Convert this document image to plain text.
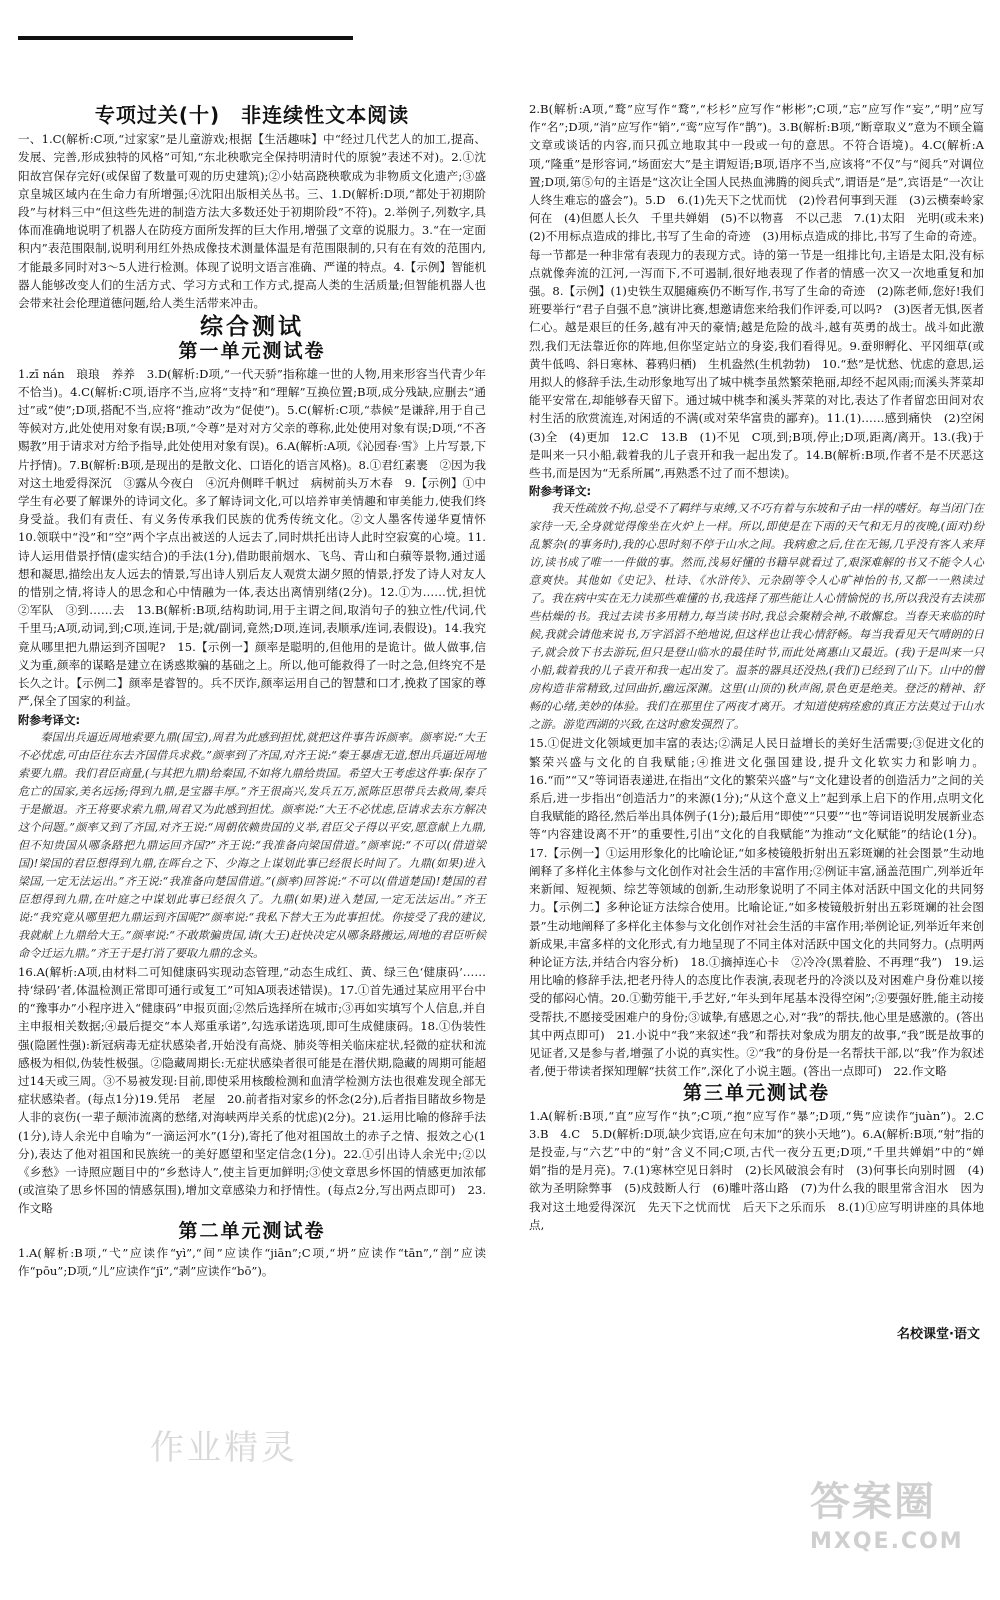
专项过关(十)　非连续性文本阅读

一、1.C(解析:C项,“过家家”是儿童游戏;根据【生活趣味】中“经过几代艺人的加工,提高、发展、完善,形成独特的风格”可知,“东北秧歌完全保持明清时代的原貌”表述不对)。2.①沈阳故宫保存完好(或保留了数量可观的历史建筑);②小姑高跷秧歌成为非物质文化遗产;③盛京皇城区域内在生命力有所增强;④沈阳出版相关丛书。三、1.D(解析:D项,“都处于初期阶段”与材料三中“但这些先进的制造方法大多数还处于初期阶段”不符)。2.举例子,列数字,具体而准确地说明了机器人在防疫方面所发挥的巨大作用,增强了文章的说服力。3.“在一定面积内”表范围限制,说明利用红外热成像技术测量体温是有范围限制的,只有在有效的范围内,才能最多同时对3～5人进行检测。体现了说明文语言准确、严谨的特点。4.【示例】智能机器人能够改变人们的生活方式、学习方式和工作方式,提高人类的生活质量;但智能机器人也会带来社会伦理道德问题,给人类生活带来冲击。

综合测试
第一单元测试卷

1.zī nán　琅琅　养养　3.D(解析:D项,“一代天骄”指称雄一世的人物,用来形容当代青少年不恰当)。4.C(解析:C项,语序不当,应将“支持”和“理解”互换位置;B项,成分残缺,应删去“通过”或“使”;D项,搭配不当,应将“推动”改为“促使”)。5.C(解析:C项,“恭候”是谦辞,用于自己等候对方,此处使用对象有误;B项,“令尊”是对对方父亲的尊称,此处使用对象有误;D项,“不吝赐教”用于请求对方给予指导,此处使用对象有误)。6.A(解析:A项,《沁园春·雪》上片写景,下片抒情)。7.B(解析:B项,是现出的是散文化、口语化的语言风格)。8.①君红素裹　②因为我对这土地爱得深沉　③露从今夜白　④沉舟侧畔千帆过　病树前头万木春　9.【示例】①中学生有必要了解课外的诗词文化。多了解诗词文化,可以培养审美情趣和审美能力,使我们终身受益。我们有责任、有义务传承我们民族的优秀传统文化。②文人墨客传递华夏情怀　10.领联中“没”和“空”两个字点出被送的人远去了,同时烘托出诗人此时空寂寞的心境。11.诗人运用借景抒情(虚实结合)的手法(1分),借助眼前烟水、飞鸟、青山和白蘋等景物,通过遥想和凝思,描绘出友人远去的情景,写出诗人别后友人观赏太湖夕照的情景,抒发了诗人对友人的惜别之情,将诗人的思念和心中情融为一体,表达出离情别绪(2分)。12.①为……忧,担忧　②军队　③到……去　13.B(解析:B项,结构助词,用于主谓之间,取消句子的独立性/代词,代千里马;A项,动词,到;C项,连词,于是;就/副词,竟然;D项,连词,表顺承/连词,表假设)。14.我究竟从哪里把九鼎运到齐国呢?　15.【示例一】颜率是聪明的,但他用的是诡计。做人做事,信义为重,颜率的谋略是建立在诱惑欺骗的基础之上。所以,他可能救得了一时之急,但终究不是长久之计。【示例二】颜率是睿智的。兵不厌诈,颜率运用自己的智慧和口才,挽救了国家的尊严,保全了国家的利益。

附参考译文:

秦国出兵逼近周地索要九鼎(国宝),周君为此感到担忧,就把这件事告诉颜率。颜率说:“大王不必忧虑,可由臣往东去齐国借兵求救。”颜率到了齐国,对齐王说:“秦王暴虐无道,想出兵逼近周地索要九鼎。我们君臣商量,(与其把九鼎)给秦国,不如将九鼎给贵国。希望大王考虑这件事:保存了危亡的国家,美名远扬;得到九鼎,是宝器丰厚。”齐王很高兴,发兵五万,派陈臣思带兵去救周,秦兵于是撤退。齐王将要求索九鼎,周君又为此感到担忧。颜率说:“大王不必忧虑,臣请求去东方解决这个问题。”颜率又到了齐国,对齐王说:“周朝依赖贵国的义举,君臣父子得以平安,愿意献上九鼎,但不知贵国从哪条路把九鼎运回齐国?”齐王说:“我准备向梁国借道。”颜率说:“不可以(借道梁国)!梁国的君臣想得到九鼎,在晖台之下、少海之上谋划此事已经很长时间了。九鼎(如果)进入梁国,一定无法运出。”齐王说:“我准备向楚国借道。”(颜率)回答说:“不可以(借道楚国)!楚国的君臣想得到九鼎,在叶庭之中谋划此事已经很久了。九鼎(如果)进入楚国,一定无法运出。”齐王说:“我究竟从哪里把九鼎运到齐国呢?”颜率说:“我私下替大王为此事担忧。你接受了我的建议,我就献上九鼎给大王。”颜率说:“不敢欺骗贵国,请(大王)赶快决定从哪条路搬运,周地的君臣听候命令迁运九鼎。”齐王于是打消了要取九鼎的念头。

16.A(解析:A项,由材料二可知健康码实现动态管理,“动态生成红、黄、绿三色‘健康码’……持‘绿码’者,体温检测正常即可通行或复工”可知A项表述错误)。17.①首先通过某应用平台中的“豫事办”小程序进入“健康码”申报页面;②然后选择所在城市;③再如实填写个人信息,并自主申报相关数据;④最后提交“本人郑重承诺”,勾选承诺选项,即可生成健康码。18.①伪装性强(隐匿性强):新冠病毒无症状感染者,开始没有高烧、肺炎等相关临床症状,轻微的症状和流感极为相似,伪装性极强。②隐藏周期长:无症状感染者很可能是在潜伏期,隐藏的周期可能超过14天或三周。③不易被发现:目前,即使采用核酸检测和血清学检测方法也很难发现全部无症状感染者。(每点1分)19.凭吊　老屋　20.前者指对家乡的怀念(2分),后者指目睹故乡物是人非的哀伤(一辈子颠沛流离的愁绪,对海峡两岸关系的忧虑)(2分)。21.运用比喻的修辞手法(1分),诗人余光中自喻为“一滴运河水”(1分),寄托了他对祖国故土的赤子之情、报效之心(1分),表达了他对祖国和民族统一的美好愿望和坚定信念(1分)。22.①引出诗人余光中;②以《乡愁》一诗照应题目中的“乡愁诗人”,使主旨更加鲜明;③使文章思乡怀国的情感更加浓郁(或渲染了思乡怀国的情感氛围),增加文章感染力和抒情性。(每点2分,写出两点即可)　23.作文略

第二单元测试卷

1.A(解析:B项,“弋”应读作“yì”,“间”应读作“jiān”;C项,“坍”应读作“tān”,“剖”应读作“pōu”;D项,“儿”应读作“jī”,“剥”应读作“bō”)。

2.B(解析:A项,“鹜”应写作“鹜”,“杉杉”应写作“彬彬”;C项,“忘”应写作“妄”,“明”应写作“名”;D项,“消”应写作“销”,“鸾”应写作“鹊”)。3.B(解析:B项,“断章取义”意为不顾全篇文章或谈话的内容,而只孤立地取其中一段或一句的意思。不符合语境)。4.C(解析:A项,“隆重”是形容词,“场面宏大”是主谓短语;B项,语序不当,应该将“不仅”与“阅兵”对调位置;D项,第⑤句的主语是“这次让全国人民热血沸腾的阅兵式”,谓语是“是”,宾语是“一次让人终生难忘的盛会”)。5.D　6.(1)先天下之忧而忧　(2)怜君何事到天涯　(3)云横秦岭家何在　(4)但愿人长久　千里共婵娟　(5)不以物喜　不以己悲　7.(1)太阳　光明(或未来)　(2)不用标点造成的排比,书写了生命的奇迹　(3)用标点造成的排比,书写了生命的奇迹。每一节都是一种非常有表现力的表现方式。诗的第一节是一组排比句,主语是太阳,没有标点就像奔流的江河,一泻而下,不可遏制,很好地表现了作者的情感一次又一次地重复和加强。8.【示例】(1)史铁生双腿瘫痪仍不断写作,书写了生命的奇迹　(2)陈老师,您好!我们班要举行“君子自强不息”演讲比赛,想邀请您来给我们作评委,可以吗?　(3)医者无惧,医者仁心。越是艰巨的任务,越有冲天的豪情;越是危险的战斗,越有英勇的战士。战斗如此激烈,我们无法靠近你的阵地,但你坚定站立的身姿,我们看得见。9.蚕卵孵化、平冈细草(或黄牛低鸣、斜日寒林、暮鸦归栖)　生机盎然(生机勃勃)　10.“愁”是忧愁、忧虑的意思,运用拟人的修辞手法,生动形象地写出了城中桃李虽然繁荣艳丽,却经不起风雨;而溪头荠菜却能平安常在,却能够春天留下。通过城中桃李和溪头荠菜的对比,表达了作者留恋田间对农村生活的欣赏流连,对闲适的不满(或对荣华富贵的鄙弃)。11.(1)……感到痛快　(2)空闲　(3)全　(4)更加　12.C　13.B　(1)不见　C项,到;B项,停止;D项,距离/离开。13.(我)于是叫来一只小船,载着我的儿子袁开和我一起出发了。14.B(解析:B项,作者不是不厌恶这些书,而是因为“无系所属”,再熟悉不过了而不想读)。

附参考译文:

我天性疏放不拘,总受不了羁绊与束缚,又不巧有着与东坡和子由一样的嗜好。每当闭门在家待一天,全身就觉得像坐在火炉上一样。所以,即使是在下雨的天气和无月的夜晚,(面对)纷乱繁杂(的事务时),我的心思时刻不停于山水之间。我病愈之后,住在无锡,几乎没有客人来拜访,读书成了唯一一件做的事。然而,浅易好懂的书籍早就看过了,艰深难解的书又不能令人心意爽快。其他如《史记》、杜诗、《水浒传》、元杂剧等令人心旷神怡的书,又都一一熟读过了。我在病中实在无力读那些难懂的书,我选择了那些能让人心情愉悦的书,所以我没有去读那些枯燥的书。我过去读书多用精力,每当读书时,我总会聚精会神,不敢懈怠。当春天来临的时候,我就会请他来说书,万字滔滔不绝地说,但这样也让我心情舒畅。每当我看见天气晴朗的日子,就会放下书去游玩,但只是登山临水的最佳时节,而此处离惠山又最近。(我)于是叫来一只小船,载着我的儿子袁开和我一起出发了。温茶的器具还没热,(我们)已经到了山下。山中的僧房构造非常精致,过回曲折,幽远深渊。这里(山顶的)秋声阁,景色更是绝美。登泛的精神、舒畅的心绪,美妙的体验。我们在那里住了两夜才离开。才知道使病痊愈的真正方法莫过于山水之游。游览西湖的兴致,在这时愈发强烈了。

15.①促进文化领域更加丰富的表达;②满足人民日益增长的美好生活需要;③促进文化的繁荣兴盛与文化的自我赋能;④推进文化强国建设,提升文化软实力和影响力。16.“而”“又”等词语表递进,在指出“文化的繁荣兴盛”与“文化建设者的创造活力”之间的关系后,进一步指出“创造活力”的来源(1分);“从这个意义上”起到承上启下的作用,点明文化自我赋能的路径,然后举出具体例子(1分);最后用“即使”“只要”“也”等词语说明发展新业态等“内容建设离不开”的重要性,引出“文化的自我赋能”为推动“文化赋能”的结论(1分)。17.【示例一】①运用形象化的比喻论证,“如多棱镜般折射出五彩斑斓的社会图景”生动地阐释了多样化主体参与文化创作对社会生活的丰富作用;②例证丰富,涵盖范围广,列举近年来新闻、短视频、综艺等领域的创新,生动形象说明了不同主体对活跃中国文化的共同努力。【示例二】多种论证方法综合使用。比喻论证,“如多棱镜般折射出五彩斑斓的社会图景”生动地阐释了多样化主体参与文化创作对社会生活的丰富作用;举例论证,列举近年来创新成果,丰富多样的文化形式,有力地呈现了不同主体对活跃中国文化的共同努力。(点明两种论证方法,并结合内容分析)　18.①摘掉连心卡　②冷冷(黑着脸、不再理“我”)　19.运用比喻的修辞手法,把老丹待人的态度比作表演,表现老丹的冷淡以及对困难户身份难以接受的郁闷心情。20.①勤劳能干,手艺好,“年头到年尾基本没得空闲”;②要强好胜,能主动接受帮扶,不愿接受困难户的身份;③诚挚,有感恩之心,对“我”的帮扶,他心里是感激的。(答出其中两点即可)　21.小说中“我”来叙述“我”和帮扶对象成为朋友的故事,“我”既是故事的见证者,又是参与者,增强了小说的真实性。②“我”的身份是一名帮扶干部,以“我”作为叙述者,便于带读者探知理解“扶贫工作”,深化了小说主题。(答出一点即可)　22.作文略

第三单元测试卷

1.A(解析:B项,“直”应写作“执”;C项,“抱”应写作“暴”;D项,“隽”应读作“juàn”)。2.C　3.B　4.C　5.D(解析:D项,缺少宾语,应在句末加“的狭小天地”)。6.A(解析:B项,“射”指的是投壶,与“六艺”中的“射”含义不同;C项,古代一夜分五更;D项,“千里共婵娟”中的“婵娟”指的是月亮)。7.(1)寒林空见日斜时　(2)长风破浪会有时　(3)何事长向别时圆　(4)欲为圣明除弊事　(5)戍鼓断人行　(6)雕叶落山路　(7)为什么我的眼里常含泪水　因为我对这土地爱得深沉　先天下之忧而忧　后天下之乐而乐　8.(1)①应写明讲座的具体地点,

名校课堂·语文
作业精灵
答案圈
MXQE.COM
